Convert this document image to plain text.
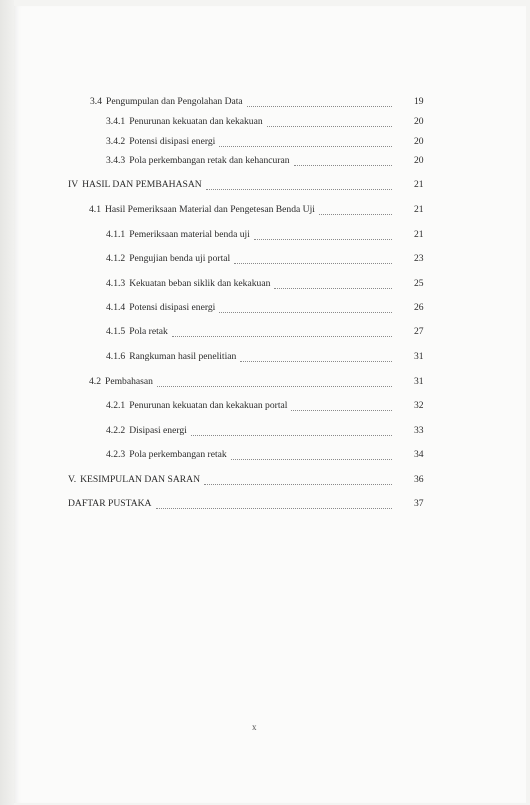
3.4 Pengumpulan dan Pengolahan Data
3.4.1 Penurunan kekuatan dan kekakuan
3.4.2 Potensi disipasi energi
3.4.3 Pola perkembangan retak dan kehancuran
IV HASIL DAN PEMBAHASAN
4.1 Hasil Pemeriksaan Material dan Pengetesan Benda Uji
4.1.1 Pemeriksaan material benda uji
4.1.2 Pengujian benda uji portal
4.1.3 Kekuatan beban siklik dan kekakuan
4.1.4 Potensi disipasi energi
4.1.5 Pola retak
4.1.6 Rangkuman hasil penelitian
4.2 Pembahasan
4.2.1 Penurunan kekuatan dan kekakuan portal
4.2.2 Disipasi energi
4.2.3 Pola perkembangan retak
V. KESIMPULAN DAN SARAN
DAFTAR PUSTAKA
19
20
20
20
21
21
21
23
25
26
27
31
31
32
33
34
36
37
x
